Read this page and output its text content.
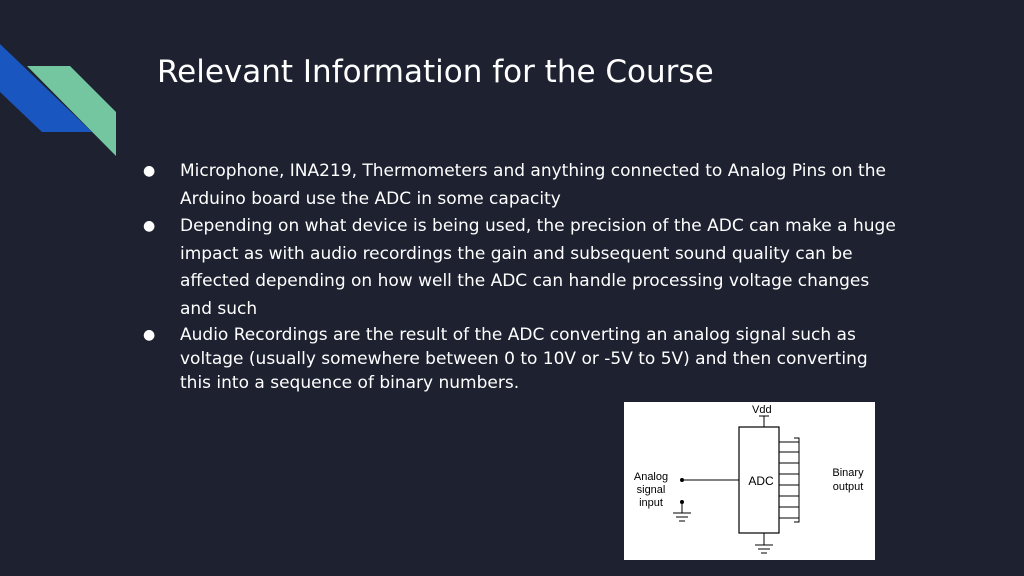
Relevant Information for the Course
● Microphone, INA219, Thermometers and anything connected to Analog Pins on the Arduino board use the ADC in some capacity
● Depending on what device is being used, the precision of the ADC can make a huge impact as with audio recordings the gain and subsequent sound quality can be affected depending on how well the ADC can handle processing voltage changes and such
● Audio Recordings are the result of the ADC converting an analog signal such as voltage (usually somewhere between 0 to 10V or -5V to 5V) and then converting this into a sequence of binary numbers.
Vdd
ADC
Analog
signal
input
Binary
output
